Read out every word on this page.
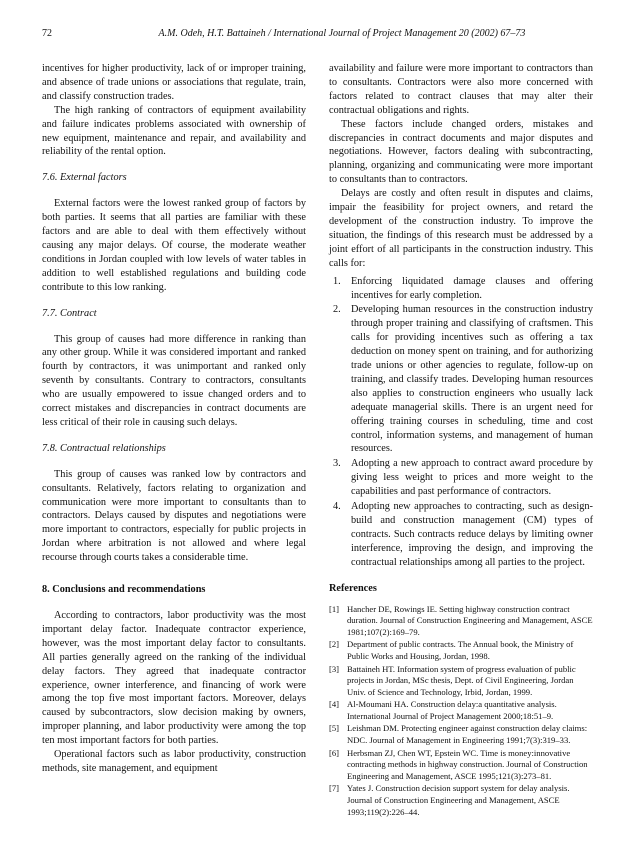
72	A.M. Odeh, H.T. Battaineh / International Journal of Project Management 20 (2002) 67–73

incentives for higher productivity, lack of or improper training, and absence of trade unions or associations that regulate, train, and classify construction trades.

The high ranking of contractors of equipment availability and failure indicates problems associated with ownership of new equipment, maintenance and repair, and availability and reliability of the rental option.

7.6. External factors

External factors were the lowest ranked group of factors by both parties. It seems that all parties are familiar with these factors and are able to deal with them effectively without causing any major delays. Of course, the moderate weather conditions in Jordan coupled with low levels of water tables in addition to well established regulations and building code contribute to this low ranking.

7.7. Contract

This group of causes had more difference in ranking than any other group. While it was considered important and ranked fourth by contractors, it was unimportant and ranked only seventh by consultants. Contrary to contractors, consultants who are usually empowered to issue changed orders and to correct mistakes and discrepancies in contract documents are less critical of their role in causing such delays.

7.8. Contractual relationships

This group of causes was ranked low by contractors and consultants. Relatively, factors relating to organization and communication were more important to consultants than to contractors. Delays caused by disputes and negotiations were more important to contractors, especially for public projects in Jordan where arbitration is not allowed and where legal recourse through courts takes a considerable time.

8. Conclusions and recommendations

According to contractors, labor productivity was the most important delay factor. Inadequate contractor experience, however, was the most important delay factor to consultants. All parties generally agreed on the ranking of the individual delay factors. They agreed that inadequate contractor experience, owner interference, and financing of work were among the top five most important factors. Moreover, delays caused by subcontractors, slow decision making by owners, improper planning, and labor productivity were among the top ten most important factors for both parties.

Operational factors such as labor productivity, construction methods, site management, and equipment

availability and failure were more important to contractors than to consultants. Contractors were also more concerned with factors related to contract clauses that may alter their contractual obligations and rights.

These factors include changed orders, mistakes and discrepancies in contract documents and major disputes and negotiations. However, factors dealing with subcontracting, planning, organizing and communicating were more important to consultants than to contractors.

Delays are costly and often result in disputes and claims, impair the feasibility for project owners, and retard the development of the construction industry. To improve the situation, the findings of this research must be addressed by a joint effort of all participants in the construction industry. This calls for:

1. Enforcing liquidated damage clauses and offering incentives for early completion.
2. Developing human resources in the construction industry through proper training and classifying of craftsmen. This calls for providing incentives such as offering a tax deduction on money spent on training, and for authorizing trade unions or other agencies to regulate, follow-up on training, and classify trades. Developing human resources also applies to construction engineers who usually lack adequate managerial skills. There is an urgent need for offering training courses in scheduling, time and cost control, information systems, and management of human resources.
3. Adopting a new approach to contract award procedure by giving less weight to prices and more weight to the capabilities and past performance of contractors.
4. Adopting new approaches to contracting, such as design-build and construction management (CM) types of contracts. Such contracts reduce delays by limiting owner interference, improving the design, and improving the contractual relationships among all parties to the project.
References
[1] Hancher DE, Rowings IE. Setting highway construction contract duration. Journal of Construction Engineering and Management, ASCE 1981;107(2):169–79.
[2] Department of public contracts. The Annual book, the Ministry of Public Works and Housing, Jordan, 1998.
[3] Battaineh HT. Information system of progress evaluation of public projects in Jordan, MSc thesis, Dept. of Civil Engineering, Jordan Univ. of Science and Technology, Irbid, Jordan, 1999.
[4] Al-Moumani HA. Construction delay:a quantitative analysis. International Journal of Project Management 2000;18:51–9.
[5] Leishman DM. Protecting engineer against construction delay claims: NDC. Journal of Management in Engineering 1991;7(3):319–33.
[6] Herbsman ZJ, Chen WT, Epstein WC. Time is money:innovative contracting methods in highway construction. Journal of Construction Engineering and Management, ASCE 1995;121(3):273–81.
[7] Yates J. Construction decision support system for delay analysis. Journal of Construction Engineering and Management, ASCE 1993;119(2):226–44.
